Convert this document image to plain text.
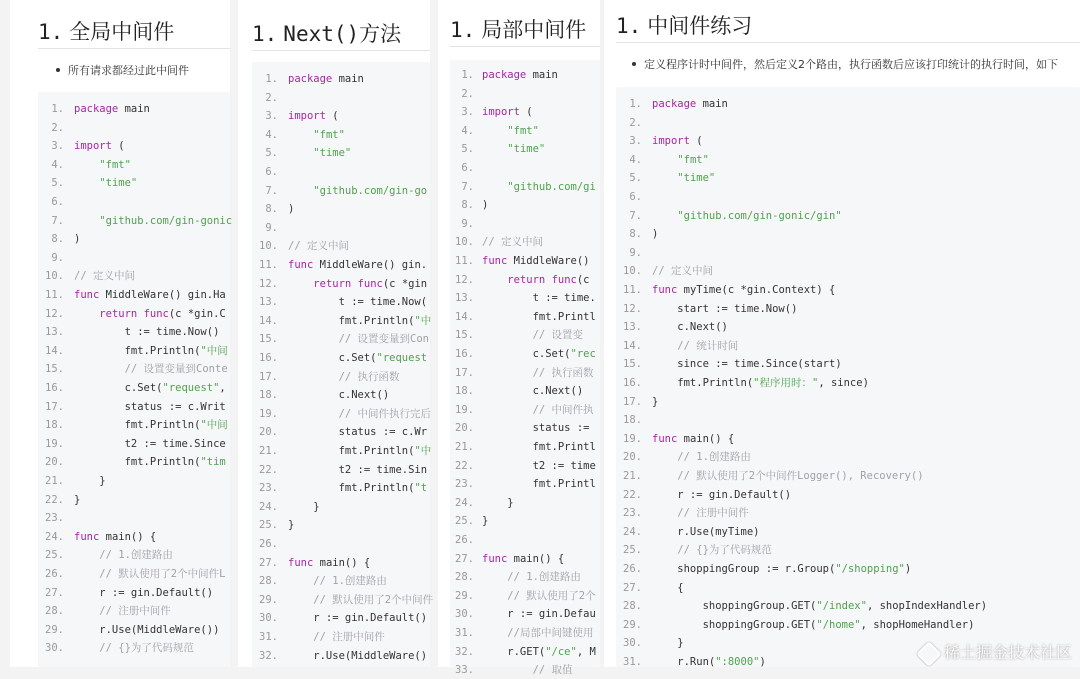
1. 全局中间件
所有请求都经过此中间件
1. package main
2.
3. import (
4.	"fmt"
5.	"time"
6.
7.	"github.com/gin-gonic
8. )
9.
10. // 定义中间
11. func MiddleWare() gin.Ha
12.	return func(c *gin.C
13.        t := time.Now()
14.        fmt.Println("中间
15.	// 设置变量到Conte
16.        c.Set("request",
17.        status := c.Writ
18.        fmt.Println("中间
19.        t2 := time.Since
20.        fmt.Println("tim
21.    }
22. }
23.
24. func main() {
25.	// 1.创建路由
26.	// 默认使用了2个中间件L
27.    r := gin.Default()
28.	// 注册中间件
29.    r.Use(MiddleWare())
30.	// {}为了代码规范
1. Next()方法
1. package main
2.
3. import (
4.	"fmt"
5.	"time"
6.
7.	"github.com/gin-go
8. )
9.
10. // 定义中间
11. func MiddleWare() gin.
12.	return func(c *gin
13.        t := time.Now(
14.        fmt.Println("中
15.	// 设置变量到Con
16.        c.Set("request
17.	// 执行函数
18.        c.Next()
19.	// 中间件执行完后
20.        status := c.Wr
21.        fmt.Println("中
22.        t2 := time.Sin
23.        fmt.Println("t
24.    }
25. }
26.
27. func main() {
28.	// 1.创建路由
29.	// 默认使用了2个中间件
30.    r := gin.Default()
31.	// 注册中间件
32.    r.Use(MiddleWare()
1. 局部中间件
1. package main
2.
3. import (
4.	"fmt"
5.	"time"
6.
7.	"github.com/gi
8. )
9.
10. // 定义中间
11. func MiddleWare()
12.	return func(c
13.        t := time.
14.        fmt.Printl
15.	// 设置变
16.        c.Set("rec
17.	// 执行函数
18.        c.Next()
19.	// 中间件执
20.        status :=
21.        fmt.Printl
22.        t2 := time
23.        fmt.Printl
24.    }
25. }
26.
27. func main() {
28.	// 1.创建路由
29.	// 默认使用了2个
30.    r := gin.Defau
31.	//局部中间键使用
32.    r.GET("/ce", M
33.	// 取值
1. 中间件练习
定义程序计时中间件，然后定义2个路由，执行函数后应该打印统计的执行时间，如下
1. package main
2.
3. import (
4.	"fmt"
5.	"time"
6.
7.	"github.com/gin-gonic/gin"
8. )
9.
10. // 定义中间
11. func myTime(c *gin.Context) {
12.    start := time.Now()
13.    c.Next()
14.	// 统计时间
15.    since := time.Since(start)
16.    fmt.Println("程序用时：", since)
17. }
18.
19. func main() {
20.	// 1.创建路由
21.	// 默认使用了2个中间件Logger(), Recovery()
22.    r := gin.Default()
23.	// 注册中间件
24.    r.Use(myTime)
25.	// {}为了代码规范
26.    shoppingGroup := r.Group("/shopping")
27.    {
28.        shoppingGroup.GET("/index", shopIndexHandler)
29.        shoppingGroup.GET("/home", shopHomeHandler)
30.    }
31.    r.Run(":8000")	稀土掘金技术社区
